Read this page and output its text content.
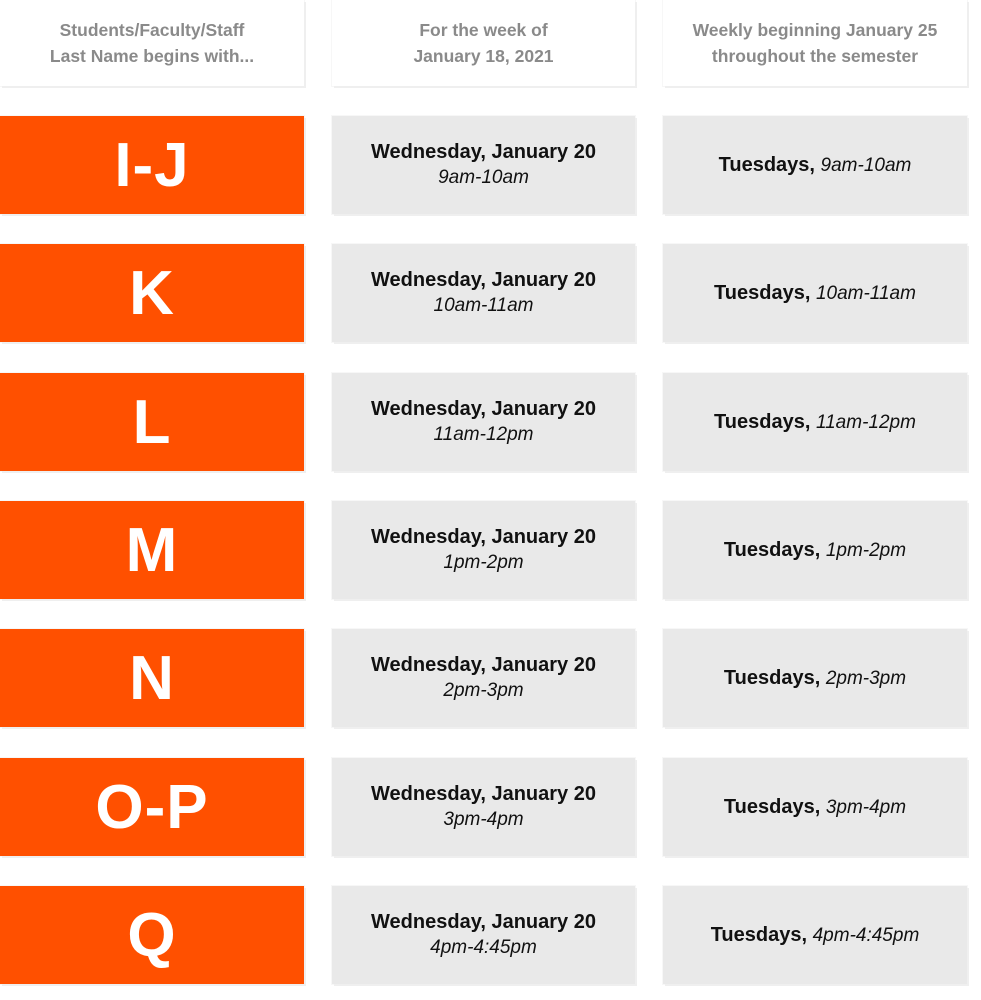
Students/Faculty/Staff
Last Name begins with...
For the week of
January 18, 2021
Weekly beginning January 25
throughout the semester
I-J	Wednesday, January 20
9am-10am
Tuesdays, 9am-10am
K	Wednesday, January 20
10am-11am
Tuesdays, 10am-11am
L	Wednesday, January 20
11am-12pm
Tuesdays, 11am-12pm
M	Wednesday, January 20
1pm-2pm
Tuesdays, 1pm-2pm
N	Wednesday, January 20
2pm-3pm
Tuesdays, 2pm-3pm
O-P	Wednesday, January 20
3pm-4pm
Tuesdays, 3pm-4pm
Q	Wednesday, January 20
4pm-4:45pm
Tuesdays, 4pm-4:45pm
